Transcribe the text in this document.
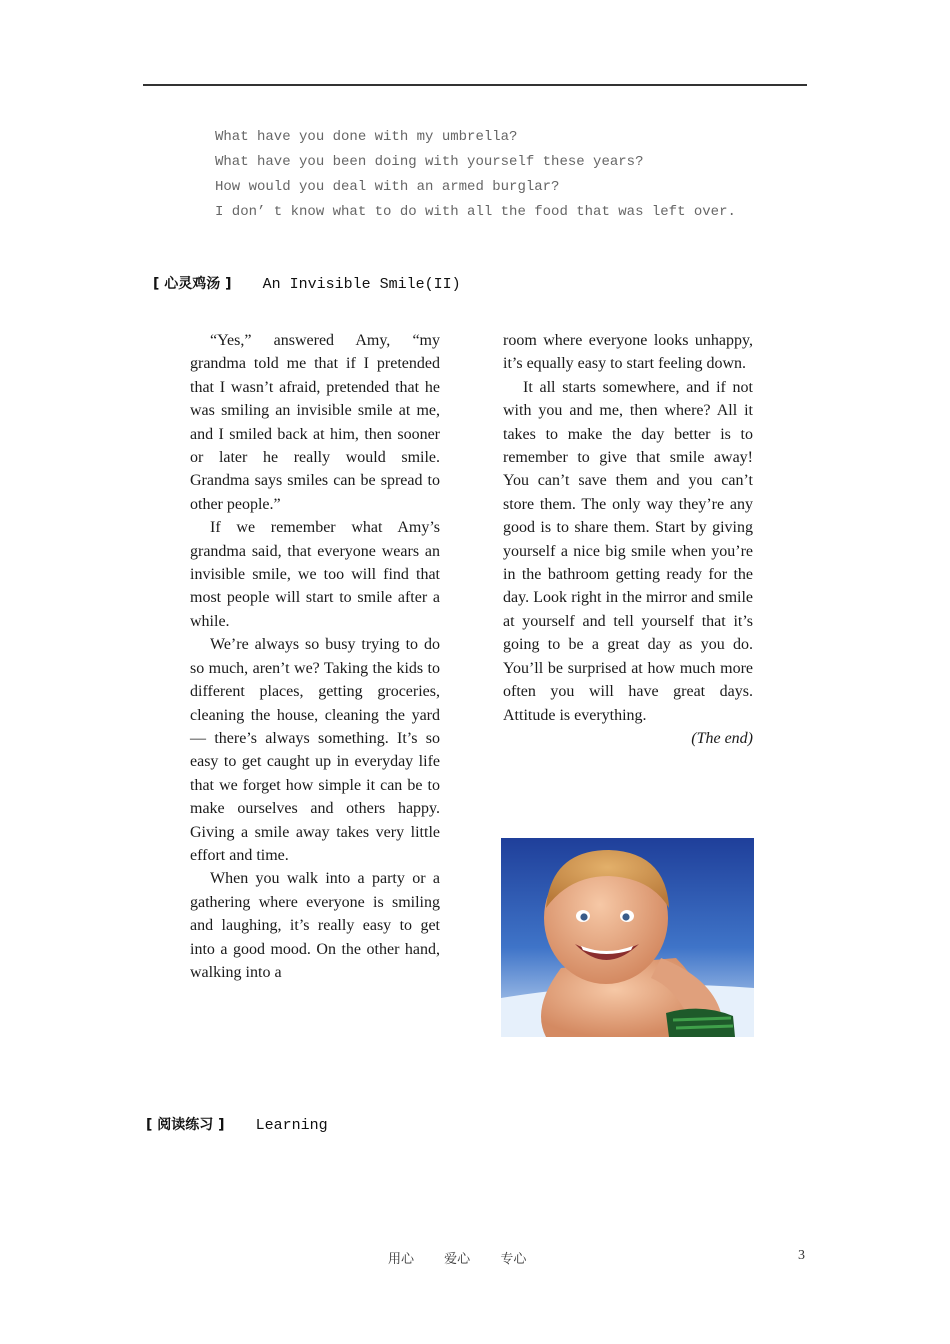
What have you done with my umbrella?
What have you been doing with yourself these years?
How would you deal with an armed burglar?
I don’ t know what to do with all the food that was left over.
[ 心灵鸡汤 ] An Invisible Smile(II)

“Yes,” answered Amy, “my grandma told me that if I pretended that I wasn’t afraid, pretended that he was smiling an invisible smile at me, and I smiled back at him, then sooner or later he really would smile. Grandma says smiles can be spread to other people.”

If we remember what Amy’s grandma said, that everyone wears an invisible smile, we too will find that most people will start to smile after a while.

We’re always so busy trying to do so much, aren’t we? Taking the kids to different places, getting groceries, cleaning the house, cleaning the yard — there’s always something. It’s so easy to get caught up in everyday life that we forget how simple it can be to make ourselves and others happy. Giving a smile away takes very little effort and time.

When you walk into a party or a gathering where everyone is smiling and laughing, it’s really easy to get into a good mood. On the other hand, walking into a

room where everyone looks unhappy, it’s equally easy to start feeling down.

It all starts somewhere, and if not with you and me, then where? All it takes to make the day better is to remember to give that smile away! You can’t save them and you can’t store them. The only way they’re any good is to share them. Start by giving yourself a nice big smile when you’re in the bathroom getting ready for the day. Look right in the mirror and smile at yourself and tell yourself that it’s going to be a great day as you do. You’ll be surprised at how much more often you will have great days. Attitude is everything.

(The end)

[ 阅读练习 ] Learning
用心 爱心 专心	3
